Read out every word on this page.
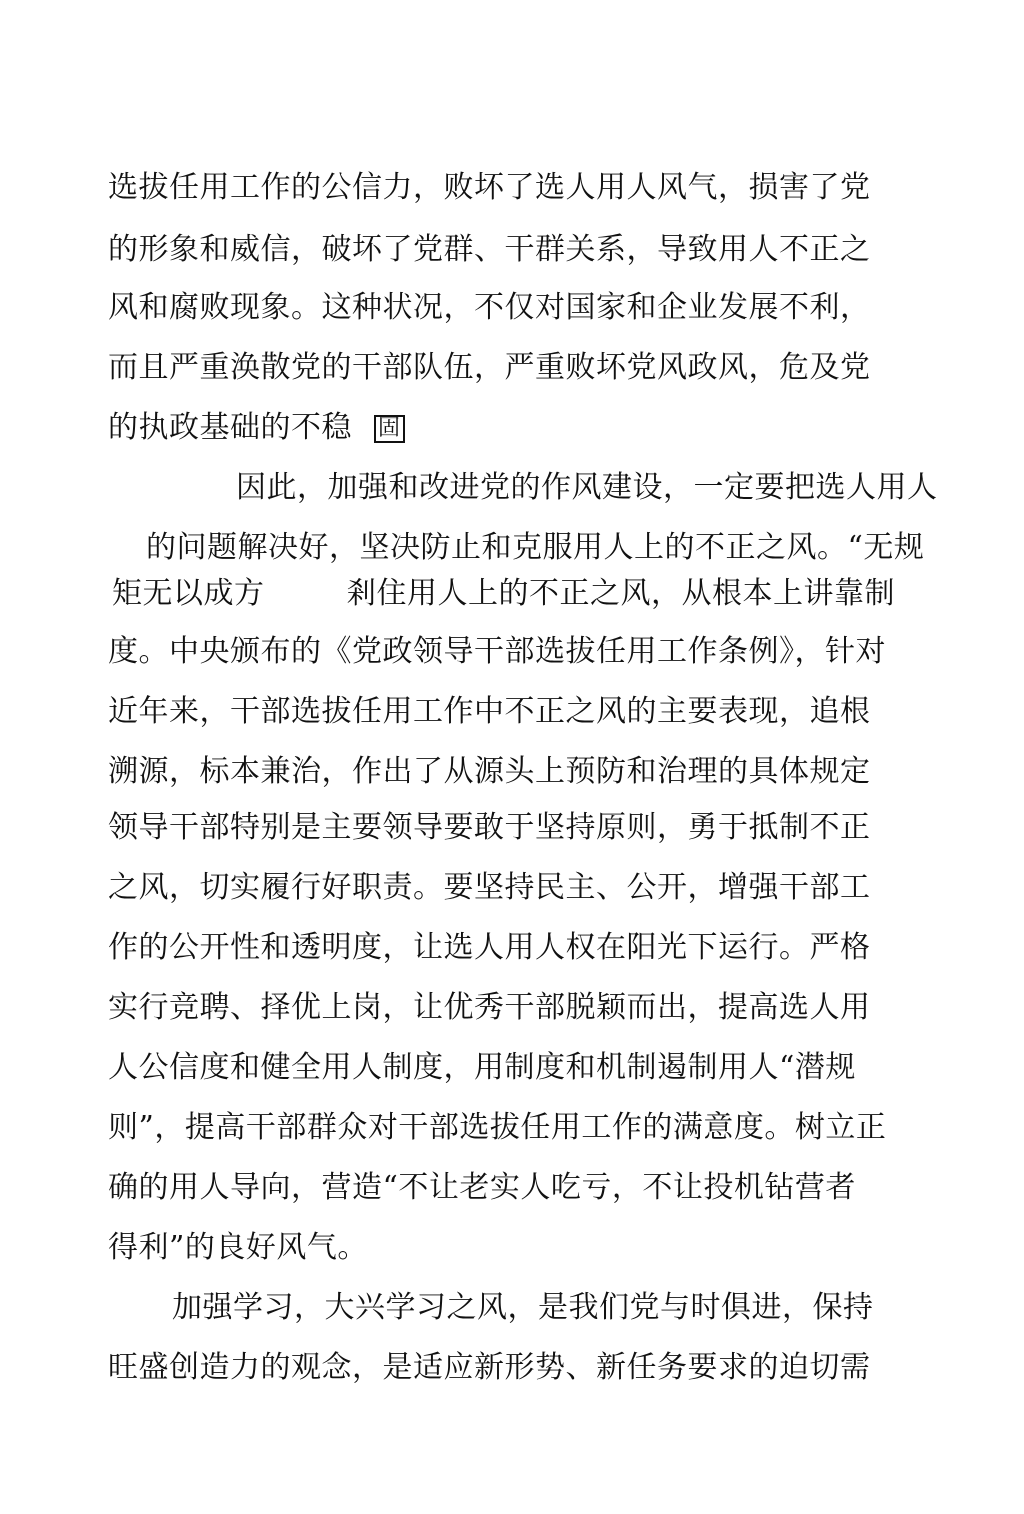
选拔任用工作的公信力，败坏了选人用人风气，损害了党
的形象和威信，破坏了党群、干群关系，导致用人不正之
风和腐败现象。这种状况，不仅对国家和企业发展不利，
而且严重涣散党的干部队伍，严重败坏党风政风，危及党
的执政基础的不稳 固
因此，加强和改进党的作风建设，一定要把选人用人
的问题解决好，坚决防止和克服用人上的不正之风。“无规
矩无以成方	剎住用人上的不正之风，从根本上讲靠制
度。中央颁布的《党政领导干部选拔任用工作条例》，针对
近年来，干部选拔任用工作中不正之风的主要表现，追根
溯源，标本兼治，作出了从源头上预防和治理的具体规定
领导干部特别是主要领导要敢于坚持原则，勇于抵制不正
之风，切实履行好职责。要坚持民主、公开，增强干部工
作的公开性和透明度，让选人用人权在阳光下运行。严格
实行竞聘、择优上岗，让优秀干部脱颖而出，提高选人用
人公信度和健全用人制度，用制度和机制遏制用人“潜规
则”，提高干部群众对干部选拔任用工作的满意度。树立正
确的用人导向，营造“不让老实人吃亏，不让投机钻营者
得利”的良好风气。
加强学习，大兴学习之风，是我们党与时俱进，保持
旺盛创造力的观念，是适应新形势、新任务要求的迫切需
